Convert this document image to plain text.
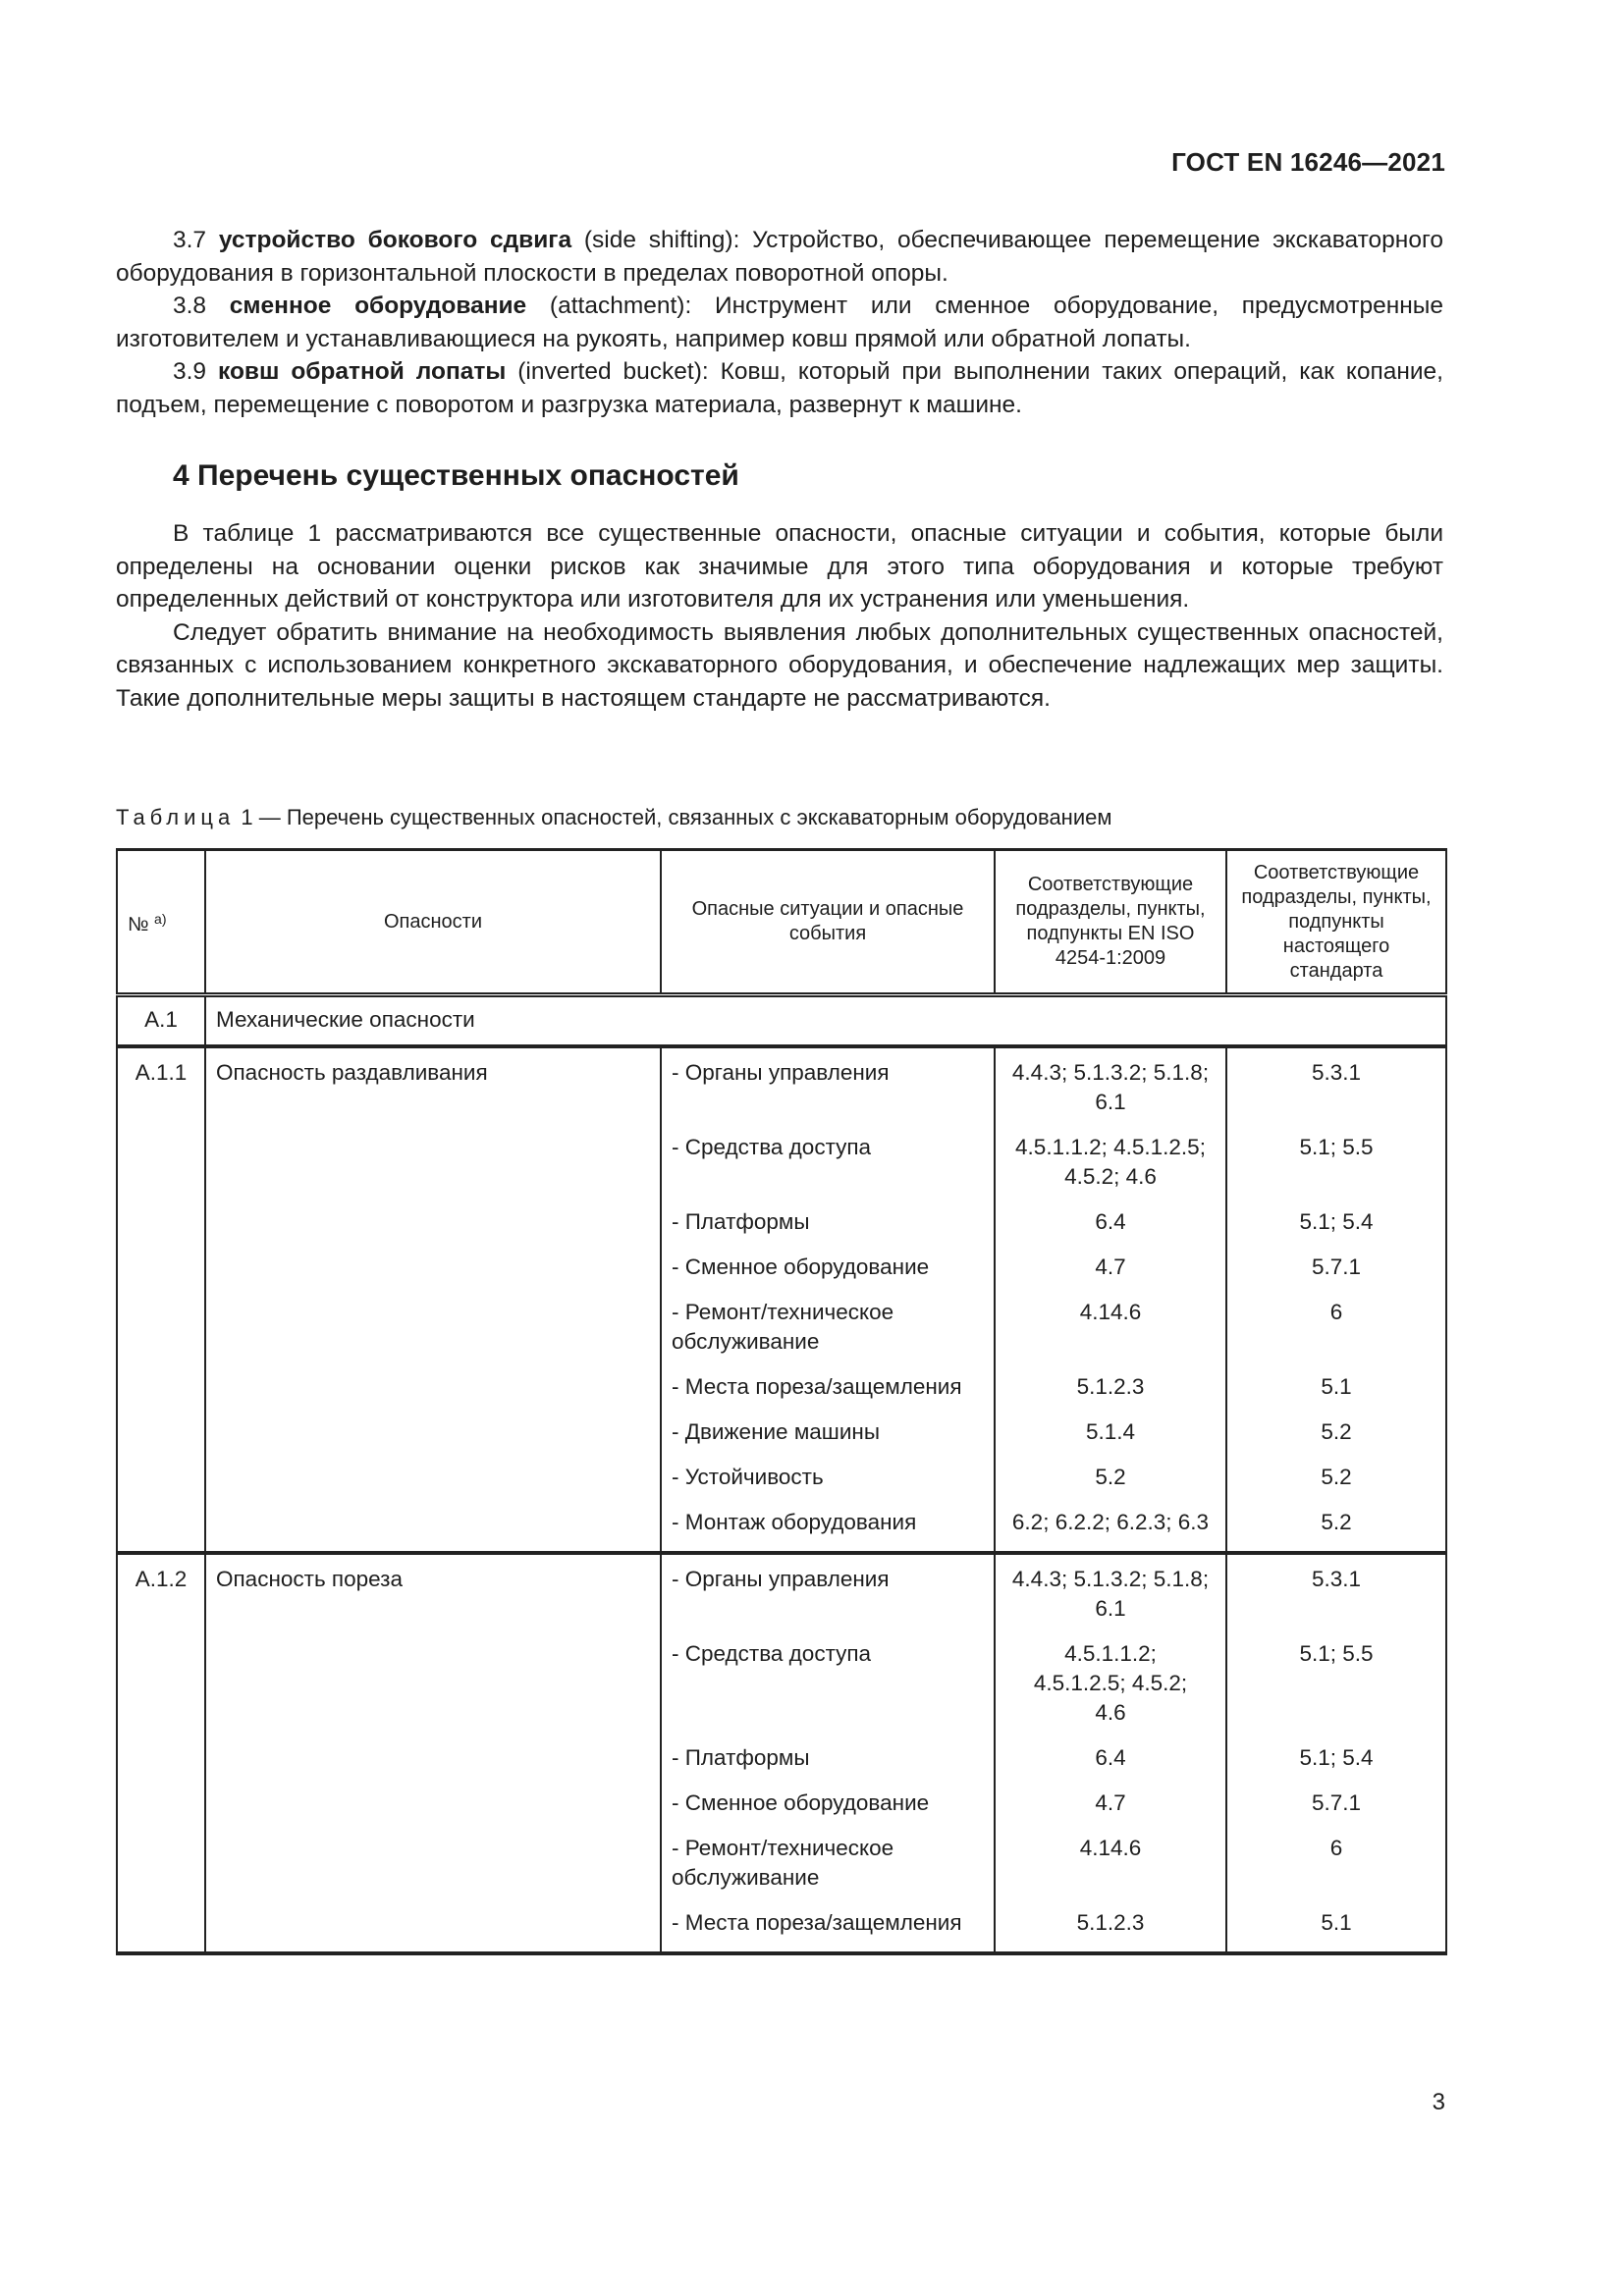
ГОСТ EN 16246—2021

3.7 устройство бокового сдвига (side shifting): Устройство, обеспечивающее перемещение экскаваторного оборудования в горизонтальной плоскости в пределах поворотной опоры.

3.8 сменное оборудование (attachment): Инструмент или сменное оборудование, предусмотренные изготовителем и устанавливающиеся на рукоять, например ковш прямой или обратной лопаты.

3.9 ковш обратной лопаты (inverted bucket): Ковш, который при выполнении таких операций, как копание, подъем, перемещение с поворотом и разгрузка материала, развернут к машине.

4 Перечень существенных опасностей

В таблице 1 рассматриваются все существенные опасности, опасные ситуации и события, которые были определены на основании оценки рисков как значимые для этого типа оборудования и которые требуют определенных действий от конструктора или изготовителя для их устранения или уменьшения.

Следует обратить внимание на необходимость выявления любых дополнительных существенных опасностей, связанных с использованием конкретного экскаваторного оборудования, и обеспечение надлежащих мер защиты. Такие дополнительные меры защиты в настоящем стандарте не рассматриваются.

Таблица 1 — Перечень существенных опасностей, связанных с экскаваторным оборудованием
№ $^{а)}$	Опасности	Опасные ситуации и опасные события	Соответствующие подразделы, пункты, подпункты EN ISO 4254-1:2009	Соответствующие подразделы, пункты, подпункты настоящего стандарта
А.1	Механические опасности			
А.1.1	Опасность раздавливания	- Органы управления	4.4.3; 5.1.3.2; 5.1.8; 6.1	5.3.1
		- Средства доступа	4.5.1.1.2; 4.5.1.2.5; 4.5.2; 4.6	5.1; 5.5
		- Платформы	6.4	5.1; 5.4
		- Сменное оборудование	4.7	5.7.1
		- Ремонт/техническое обслуживание	4.14.6	6
		- Места пореза/защемления	5.1.2.3	5.1
		- Движение машины	5.1.4	5.2
		- Устойчивость	5.2	5.2
		- Монтаж оборудования	6.2; 6.2.2; 6.2.3; 6.3	5.2
А.1.2	Опасность пореза	- Органы управления	4.4.3; 5.1.3.2; 5.1.8; 6.1	5.3.1
		- Средства доступа	4.5.1.1.2; 4.5.1.2.5; 4.5.2; 4.6	5.1; 5.5
		- Платформы	6.4	5.1; 5.4
		- Сменное оборудование	4.7	5.7.1
		- Ремонт/техническое обслуживание	4.14.6	6
		- Места пореза/защемления	5.1.2.3	5.1
3
